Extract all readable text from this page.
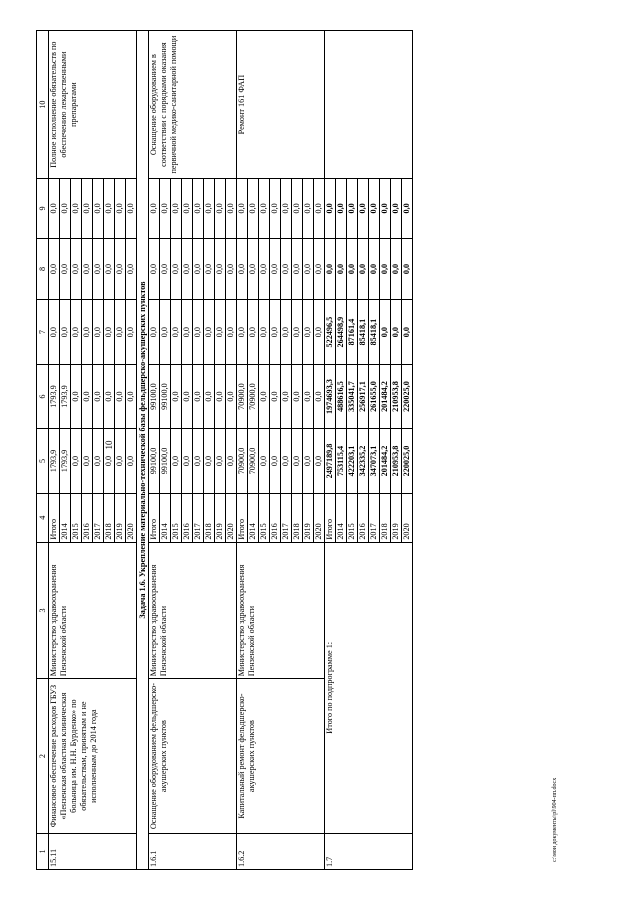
10
1	2	3	4	5	6	7	8	9	10
15.11	Финансовое обеспечение расходов ГБУЗ «Пензенская областная клиническая больница им. Н.Н. Бурденко» по обязательствам, принятым и не исполненным до 2014 года	Министерство здравоохранения Пензенской области	Итого	1793,9	1793,9	0,0	0,0	0,0	Полное исполнение обязательств по обеспечению лекарственными препаратами
			2014	1793,9	1793,9	0,0	0,0	0,0	
			2015	0,0	0,0	0,0	0,0	0,0	
			2016	0,0	0,0	0,0	0,0	0,0	
			2017	0,0	0,0	0,0	0,0	0,0	
			2018	0,0	0,0	0,0	0,0	0,0	
			2019	0,0	0,0	0,0	0,0	0,0	
			2020	0,0	0,0	0,0	0,0	0,0	
Задача 1.6. Укрепление материально-технической базы фельдшерско-акушерских пунктов									
1.6.1	Оснащение оборудованием фельдшерско-акушерских пунктов	Министерство здравоохранения Пензенской области	Итого	99100,0	99100,0	0,0	0,0	0,0	Оснащение оборудованием в соответствии с порядками оказания первичной медико-санитарной помощи
			2014	99100,0	99100,0	0,0	0,0	0,0	
			2015	0,0	0,0	0,0	0,0	0,0	
			2016	0,0	0,0	0,0	0,0	0,0	
			2017	0,0	0,0	0,0	0,0	0,0	
			2018	0,0	0,0	0,0	0,0	0,0	
			2019	0,0	0,0	0,0	0,0	0,0	
			2020	0,0	0,0	0,0	0,0	0,0	
1.6.2	Капитальный ремонт фельдшерско-акушерских пунктов	Министерство здравоохранения Пензенской области	Итого	70900,0	70900,0	0,0	0,0	0,0	Ремонт 161 ФАП
			2014	70900,0	70900,0	0,0	0,0	0,0	
			2015	0,0	0,0	0,0	0,0	0,0	
			2016	0,0	0,0	0,0	0,0	0,0	
			2017	0,0	0,0	0,0	0,0	0,0	
			2018	0,0	0,0	0,0	0,0	0,0	
			2019	0,0	0,0	0,0	0,0	0,0	
			2020	0,0	0,0	0,0	0,0	0,0	
1.7	Итого по подпрограмме 1:		Итого	2497189,8	1974693,3	522496,5	0,0	0,0	
			2014	753115,4	488616,5	264498,9	0,0	0,0	
			2015	422203,1	335041,7	87161,4	0,0	0,0	
			2016	342335,2	256917,1	85418,1	0,0	0,0	
			2017	347073,1	261655,0	85418,1	0,0	0,0	
			2018	201484,2	201484,2	0,0	0,0	0,0	
			2019	210953,8	210953,8	0,0	0,0	0,0	
			2020	220025,0	220025,0	0,0	0,0	0,0	
c:\мои документы\pl\904-пп.docx
